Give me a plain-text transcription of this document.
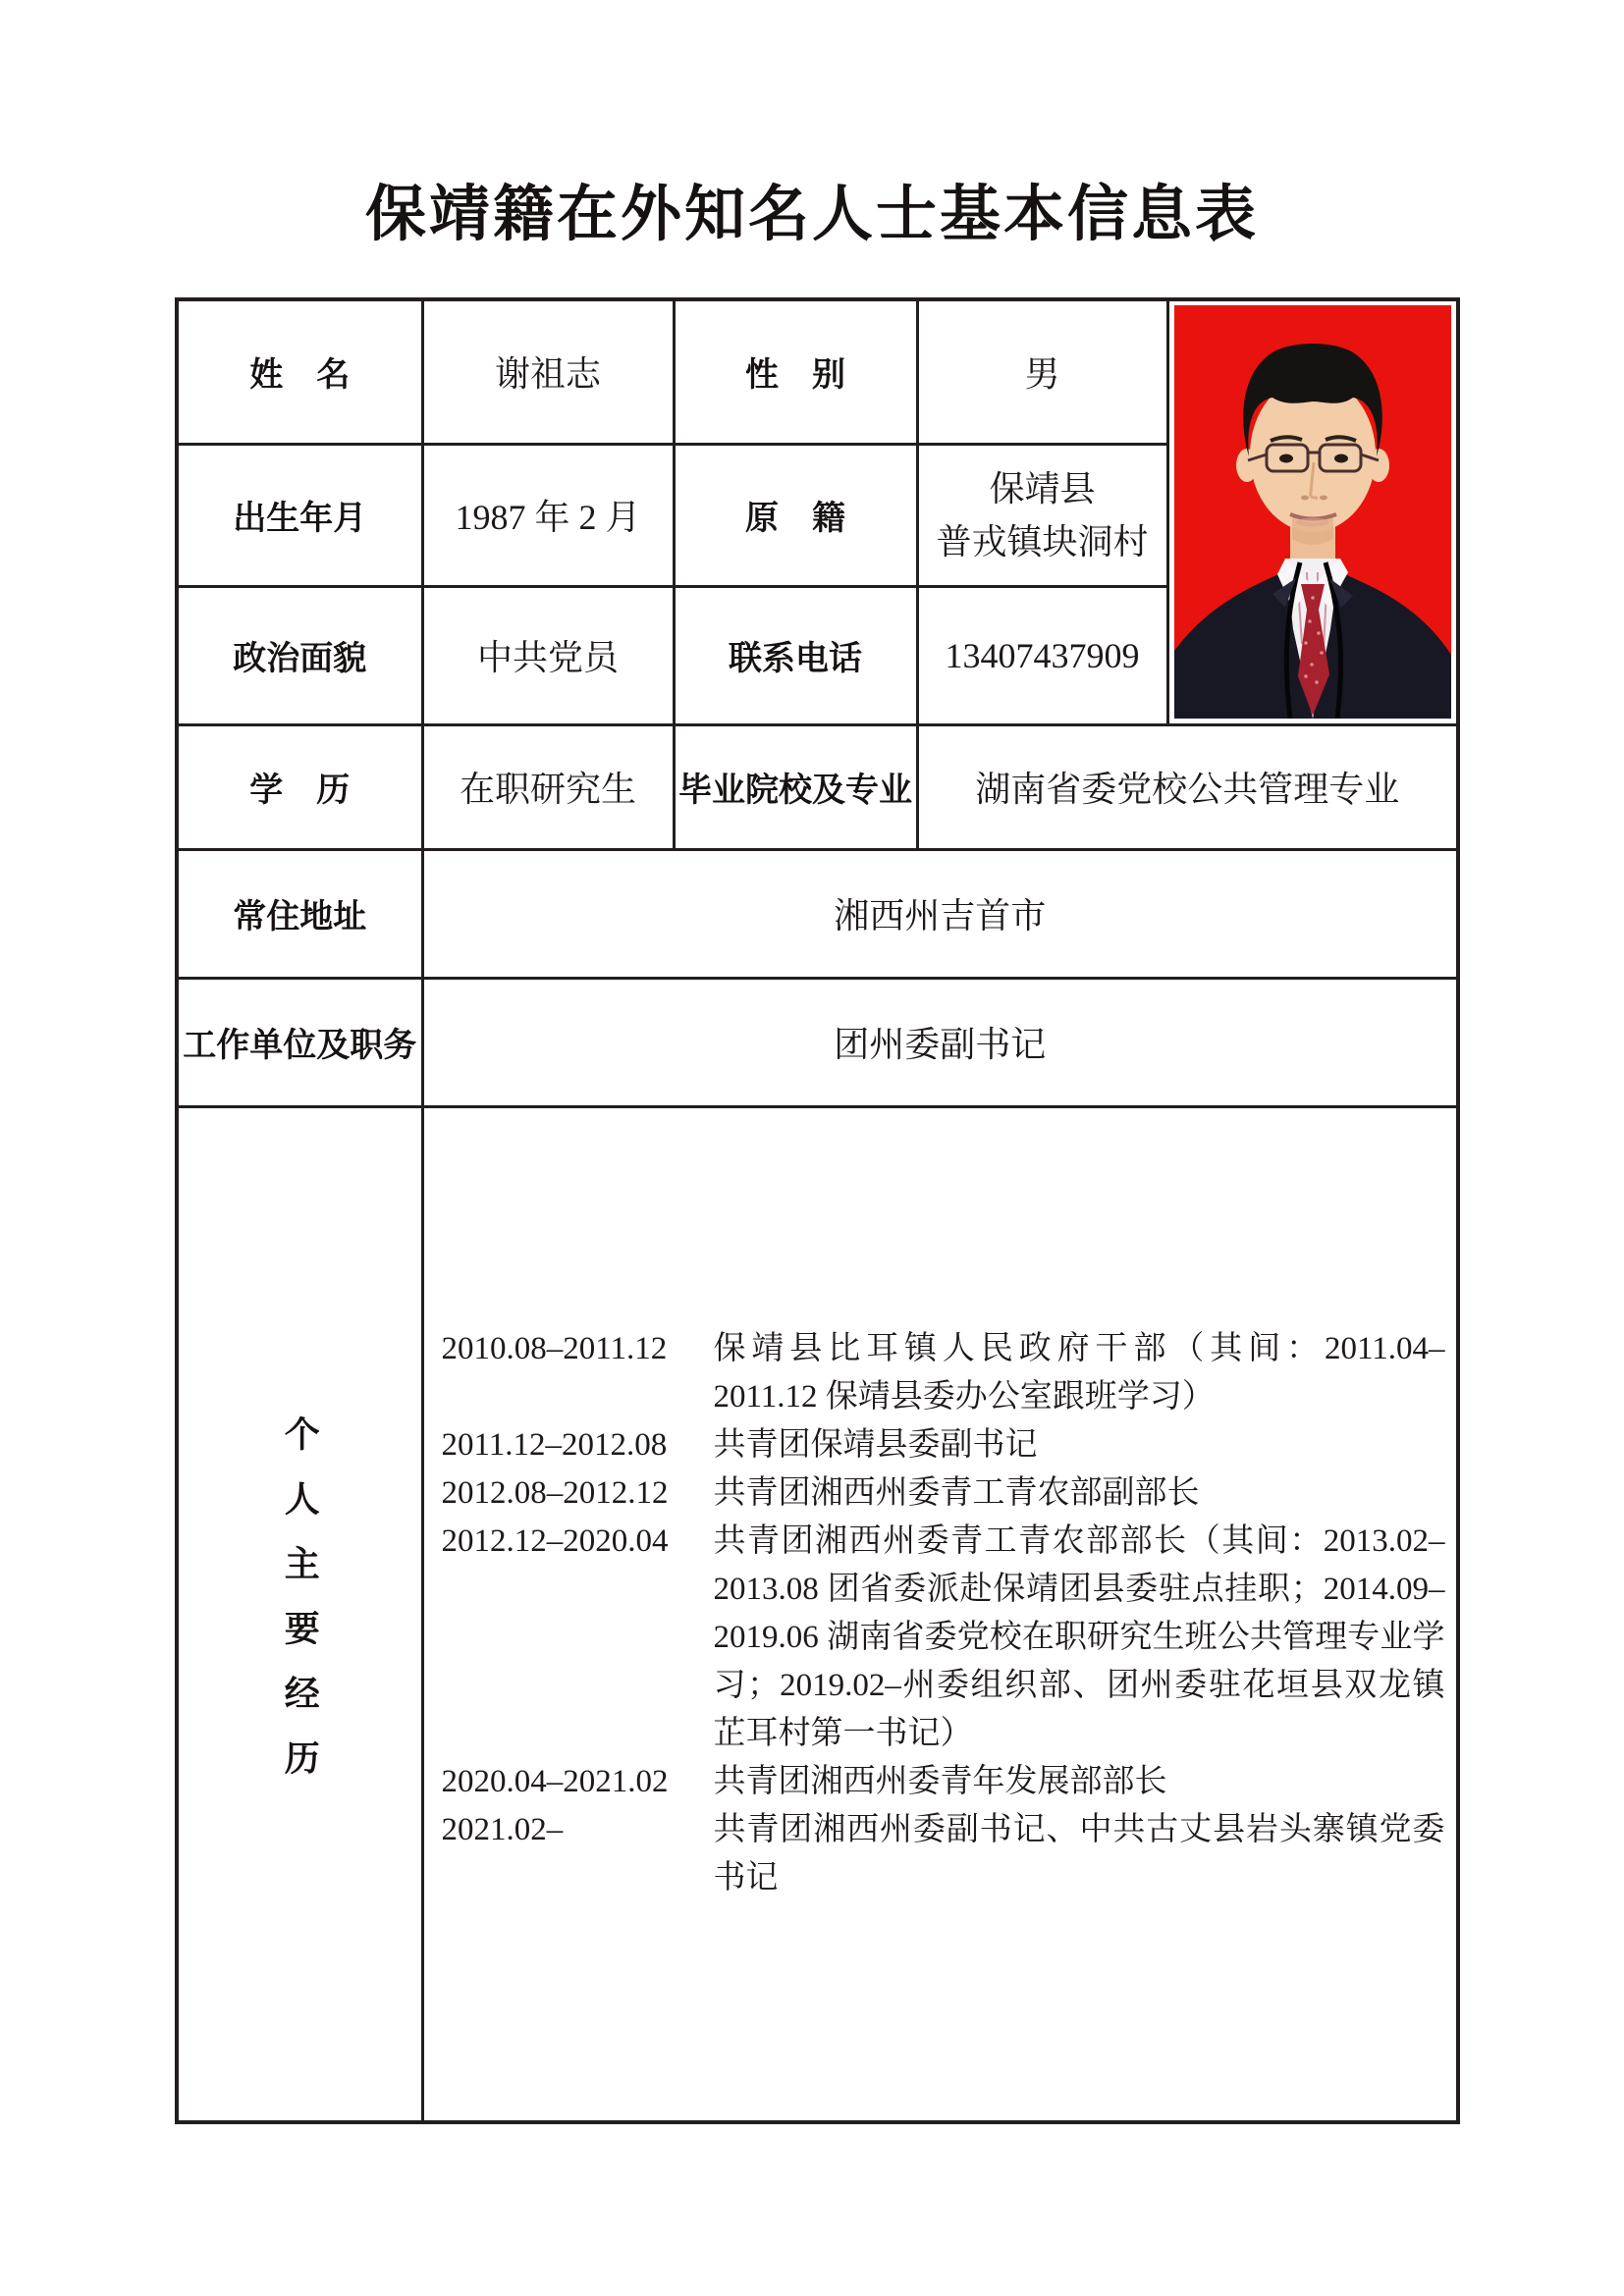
保靖籍在外知名人士基本信息表
姓　名	谢祖志	性　别	男	

出生年月	1987 年 2 月	原　籍	保靖县
普戎镇块洞村	

政治面貌	中共党员	联系电话	13407437909	
学　历	在职研究生	毕业院校及专业	湖南省委党校公共管理专业	
常住地址	湘西州吉首市			
工作单位及职务	团州委副书记			
个人主要经历	
2010.08–2011.12	保靖县比耳镇人民政府干部（其间：2011.04–2011.12 保靖县委办公室跟班学习）
2011.12–2012.08	共青团保靖县委副书记
2012.08–2012.12	共青团湘西州委青工青农部副部长
2012.12–2020.04	共青团湘西州委青工青农部部长（其间：2013.02–2013.08 团省委派赴保靖团县委驻点挂职；2014.09–2019.06 湖南省委党校在职研究生班公共管理专业学习；2019.02–州委组织部、团州委驻花垣县双龙镇芷耳村第一书记）
2020.04–2021.02	共青团湘西州委青年发展部部长
2021.02–	共青团湘西州委副书记、中共古丈县岩头寨镇党委书记
